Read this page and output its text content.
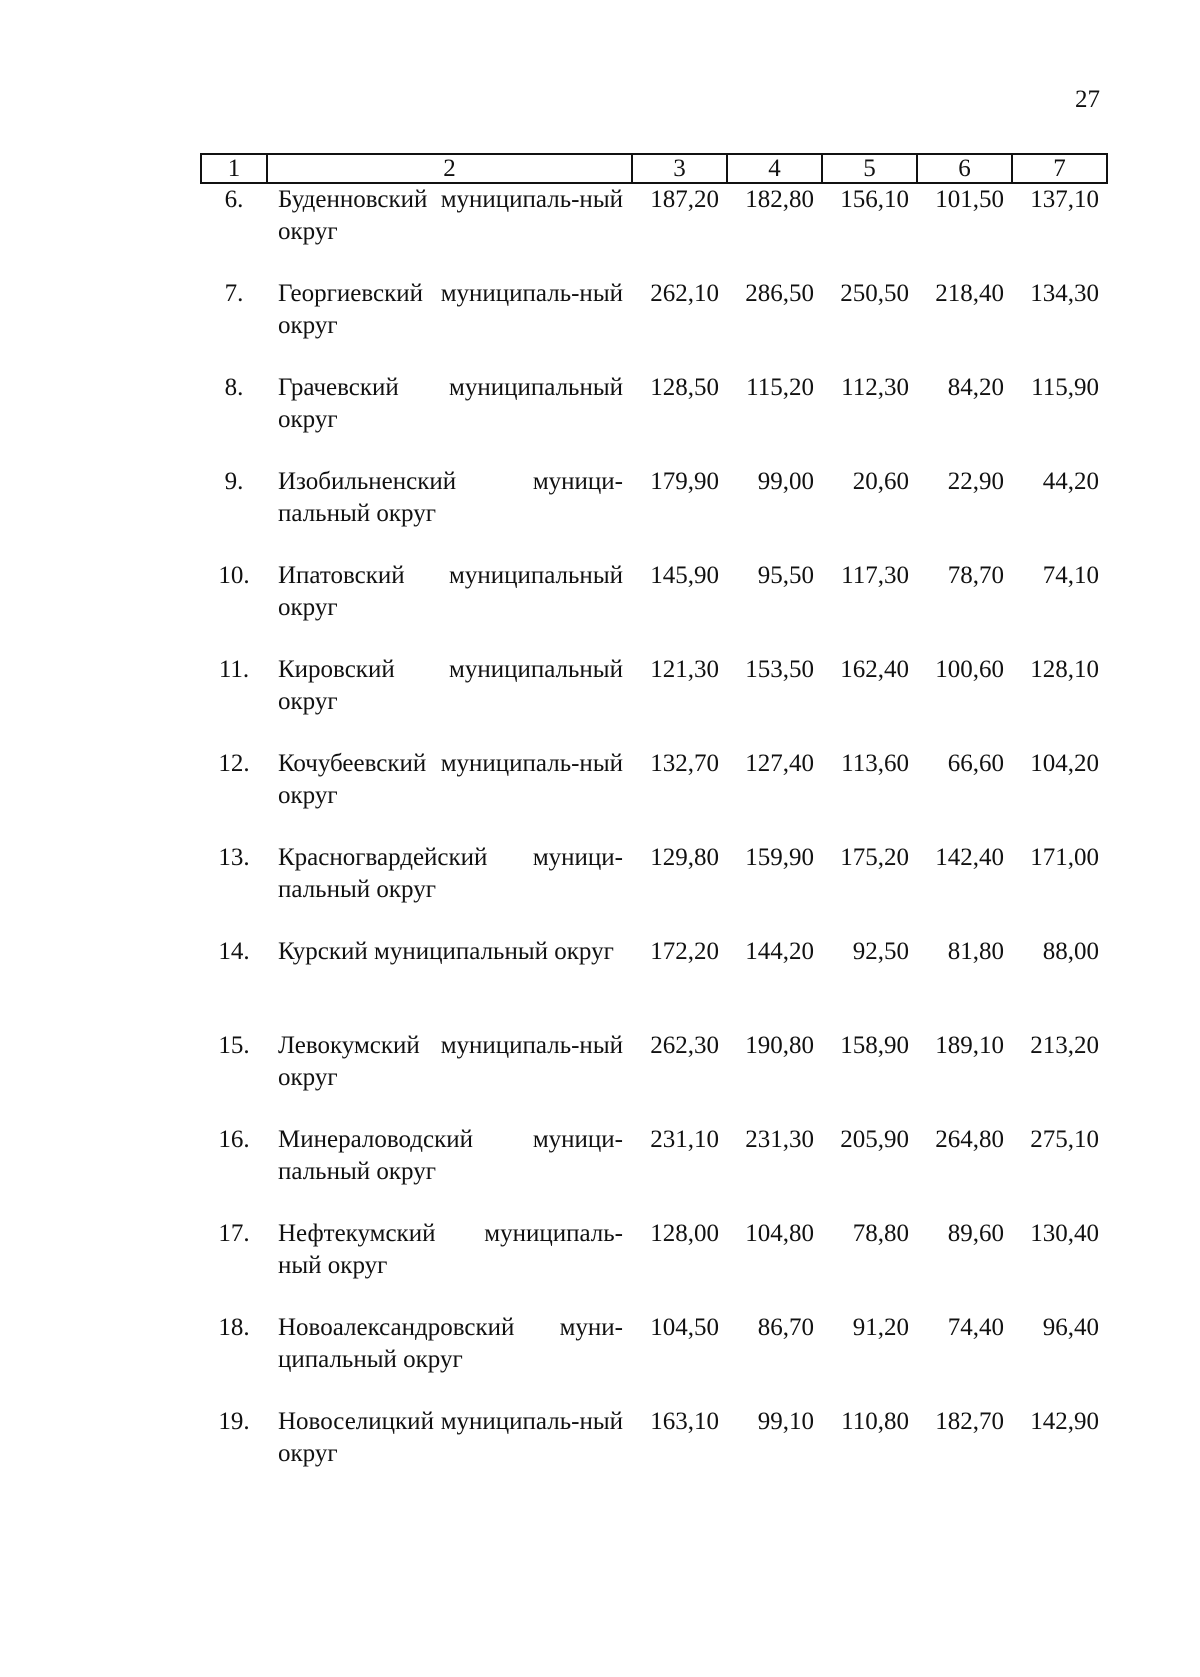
27
1	2	3	4	5	6	7
6.	Буденновский муниципаль-ный округ	187,20	182,80	156,10	101,50	137,10
7.	Георгиевский муниципаль-ный округ	262,10	286,50	250,50	218,40	134,30
8.	Грачевский муниципальный округ	128,50	115,20	112,30	84,20	115,90
9.	Изобильненский муници-пальный округ	179,90	99,00	20,60	22,90	44,20
10.	Ипатовский муниципальный округ	145,90	95,50	117,30	78,70	74,10
11.	Кировский муниципальный округ	121,30	153,50	162,40	100,60	128,10
12.	Кочубеевский муниципаль-ный округ	132,70	127,40	113,60	66,60	104,20
13.	Красногвардейский муници-пальный округ	129,80	159,90	175,20	142,40	171,00
14.	Курский муниципальный округ	172,20	144,20	92,50	81,80	88,00
15.	Левокумский муниципаль-ный округ	262,30	190,80	158,90	189,10	213,20
16.	Минераловодский муници-пальный округ	231,10	231,30	205,90	264,80	275,10
17.	Нефтекумский муниципаль-ный округ	128,00	104,80	78,80	89,60	130,40
18.	Новоалександровский муни-ципальный округ	104,50	86,70	91,20	74,40	96,40
19.	Новоселицкий муниципаль-ный округ	163,10	99,10	110,80	182,70	142,90
